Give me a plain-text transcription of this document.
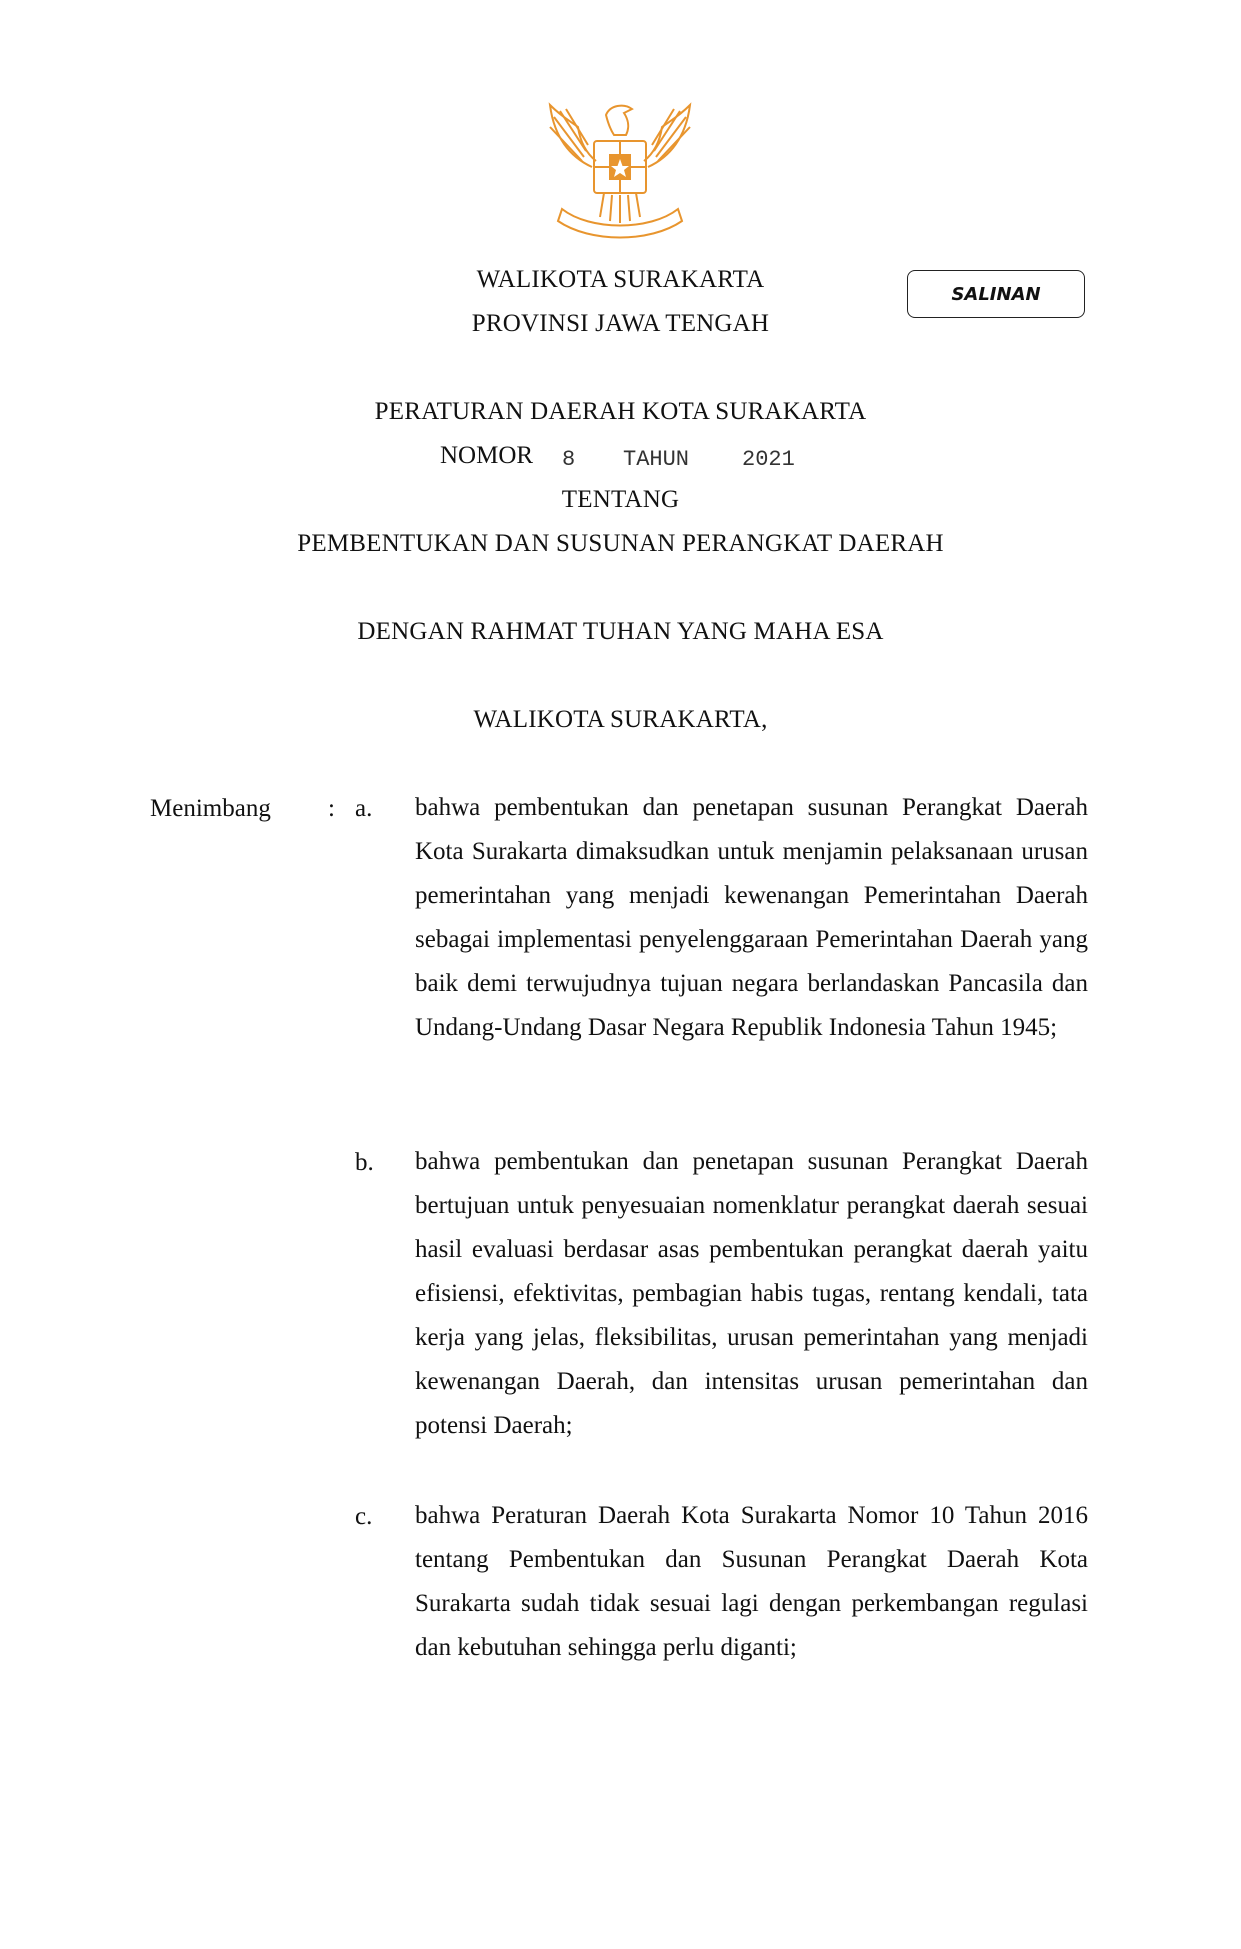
SALINAN
WALIKOTA SURAKARTA
PROVINSI JAWA TENGAH
PERATURAN DAERAH KOTA SURAKARTA
NOMOR 8 TAHUN 2021
TENTANG
PEMBENTUKAN DAN SUSUNAN PERANGKAT DAERAH
DENGAN RAHMAT TUHAN YANG MAHA ESA
WALIKOTA SURAKARTA,
Menimbang : a. bahwa pembentukan dan penetapan susunan Perangkat Daerah Kota Surakarta dimaksudkan untuk menjamin pelaksanaan urusan pemerintahan yang menjadi kewenangan Pemerintahan Daerah sebagai implementasi penyelenggaraan Pemerintahan Daerah yang baik demi terwujudnya tujuan negara berlandaskan Pancasila dan Undang-Undang Dasar Negara Republik Indonesia Tahun 1945;

b. bahwa pembentukan dan penetapan susunan Perangkat Daerah bertujuan untuk penyesuaian nomenklatur perangkat daerah sesuai hasil evaluasi berdasar asas pembentukan perangkat daerah yaitu efisiensi, efektivitas, pembagian habis tugas, rentang kendali, tata kerja yang jelas, fleksibilitas, urusan pemerintahan yang menjadi kewenangan Daerah, dan intensitas urusan pemerintahan dan potensi Daerah;

c. bahwa Peraturan Daerah Kota Surakarta Nomor 10 Tahun 2016 tentang Pembentukan dan Susunan Perangkat Daerah Kota Surakarta sudah tidak sesuai lagi dengan perkembangan regulasi dan kebutuhan sehingga perlu diganti;
